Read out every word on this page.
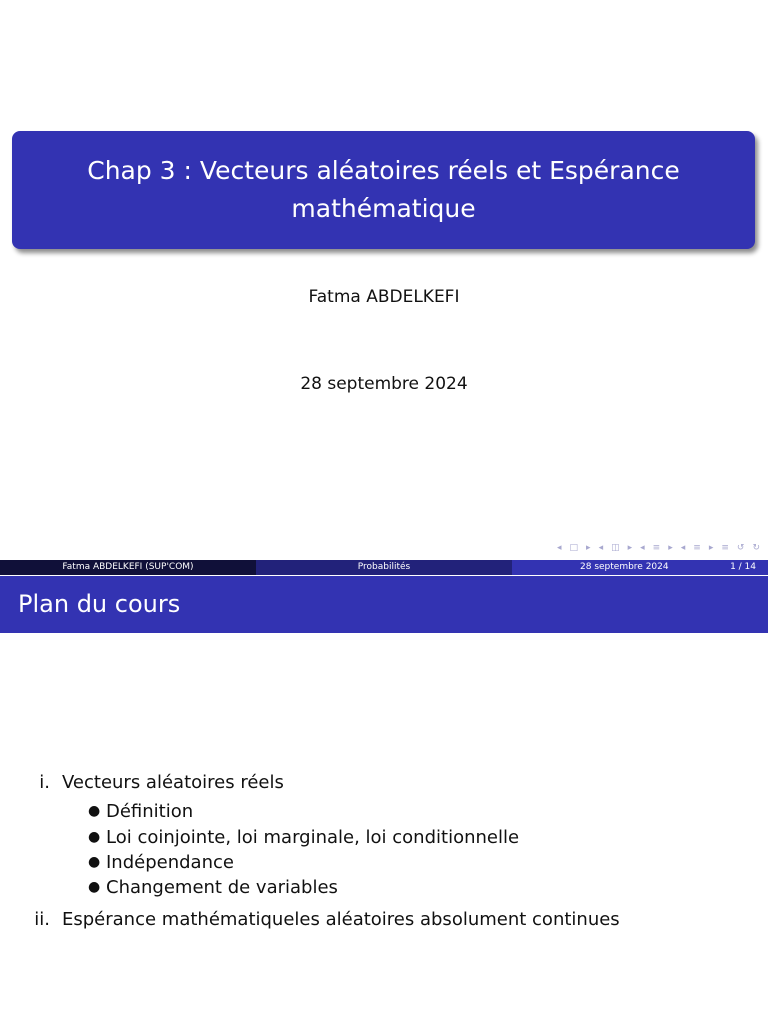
Chap 3 : Vecteurs aléatoires réels et Espérance mathématique
Fatma ABDELKEFI
28 septembre 2024
◂ □ ▸ ◂ ◫ ▸ ◂ ≡ ▸ ◂ ≡ ▸ ≡ ↺ ↻
Fatma ABDELKEFI (SUP'COM)	Probabilités	28 septembre 2024	1 / 14
Plan du cours
i. Vecteurs aléatoires réels
● Définition
● Loi coinjointe, loi marginale, loi conditionnelle
● Indépendance
● Changement de variables
ii. Espérance mathématiqueles aléatoires absolument continues
